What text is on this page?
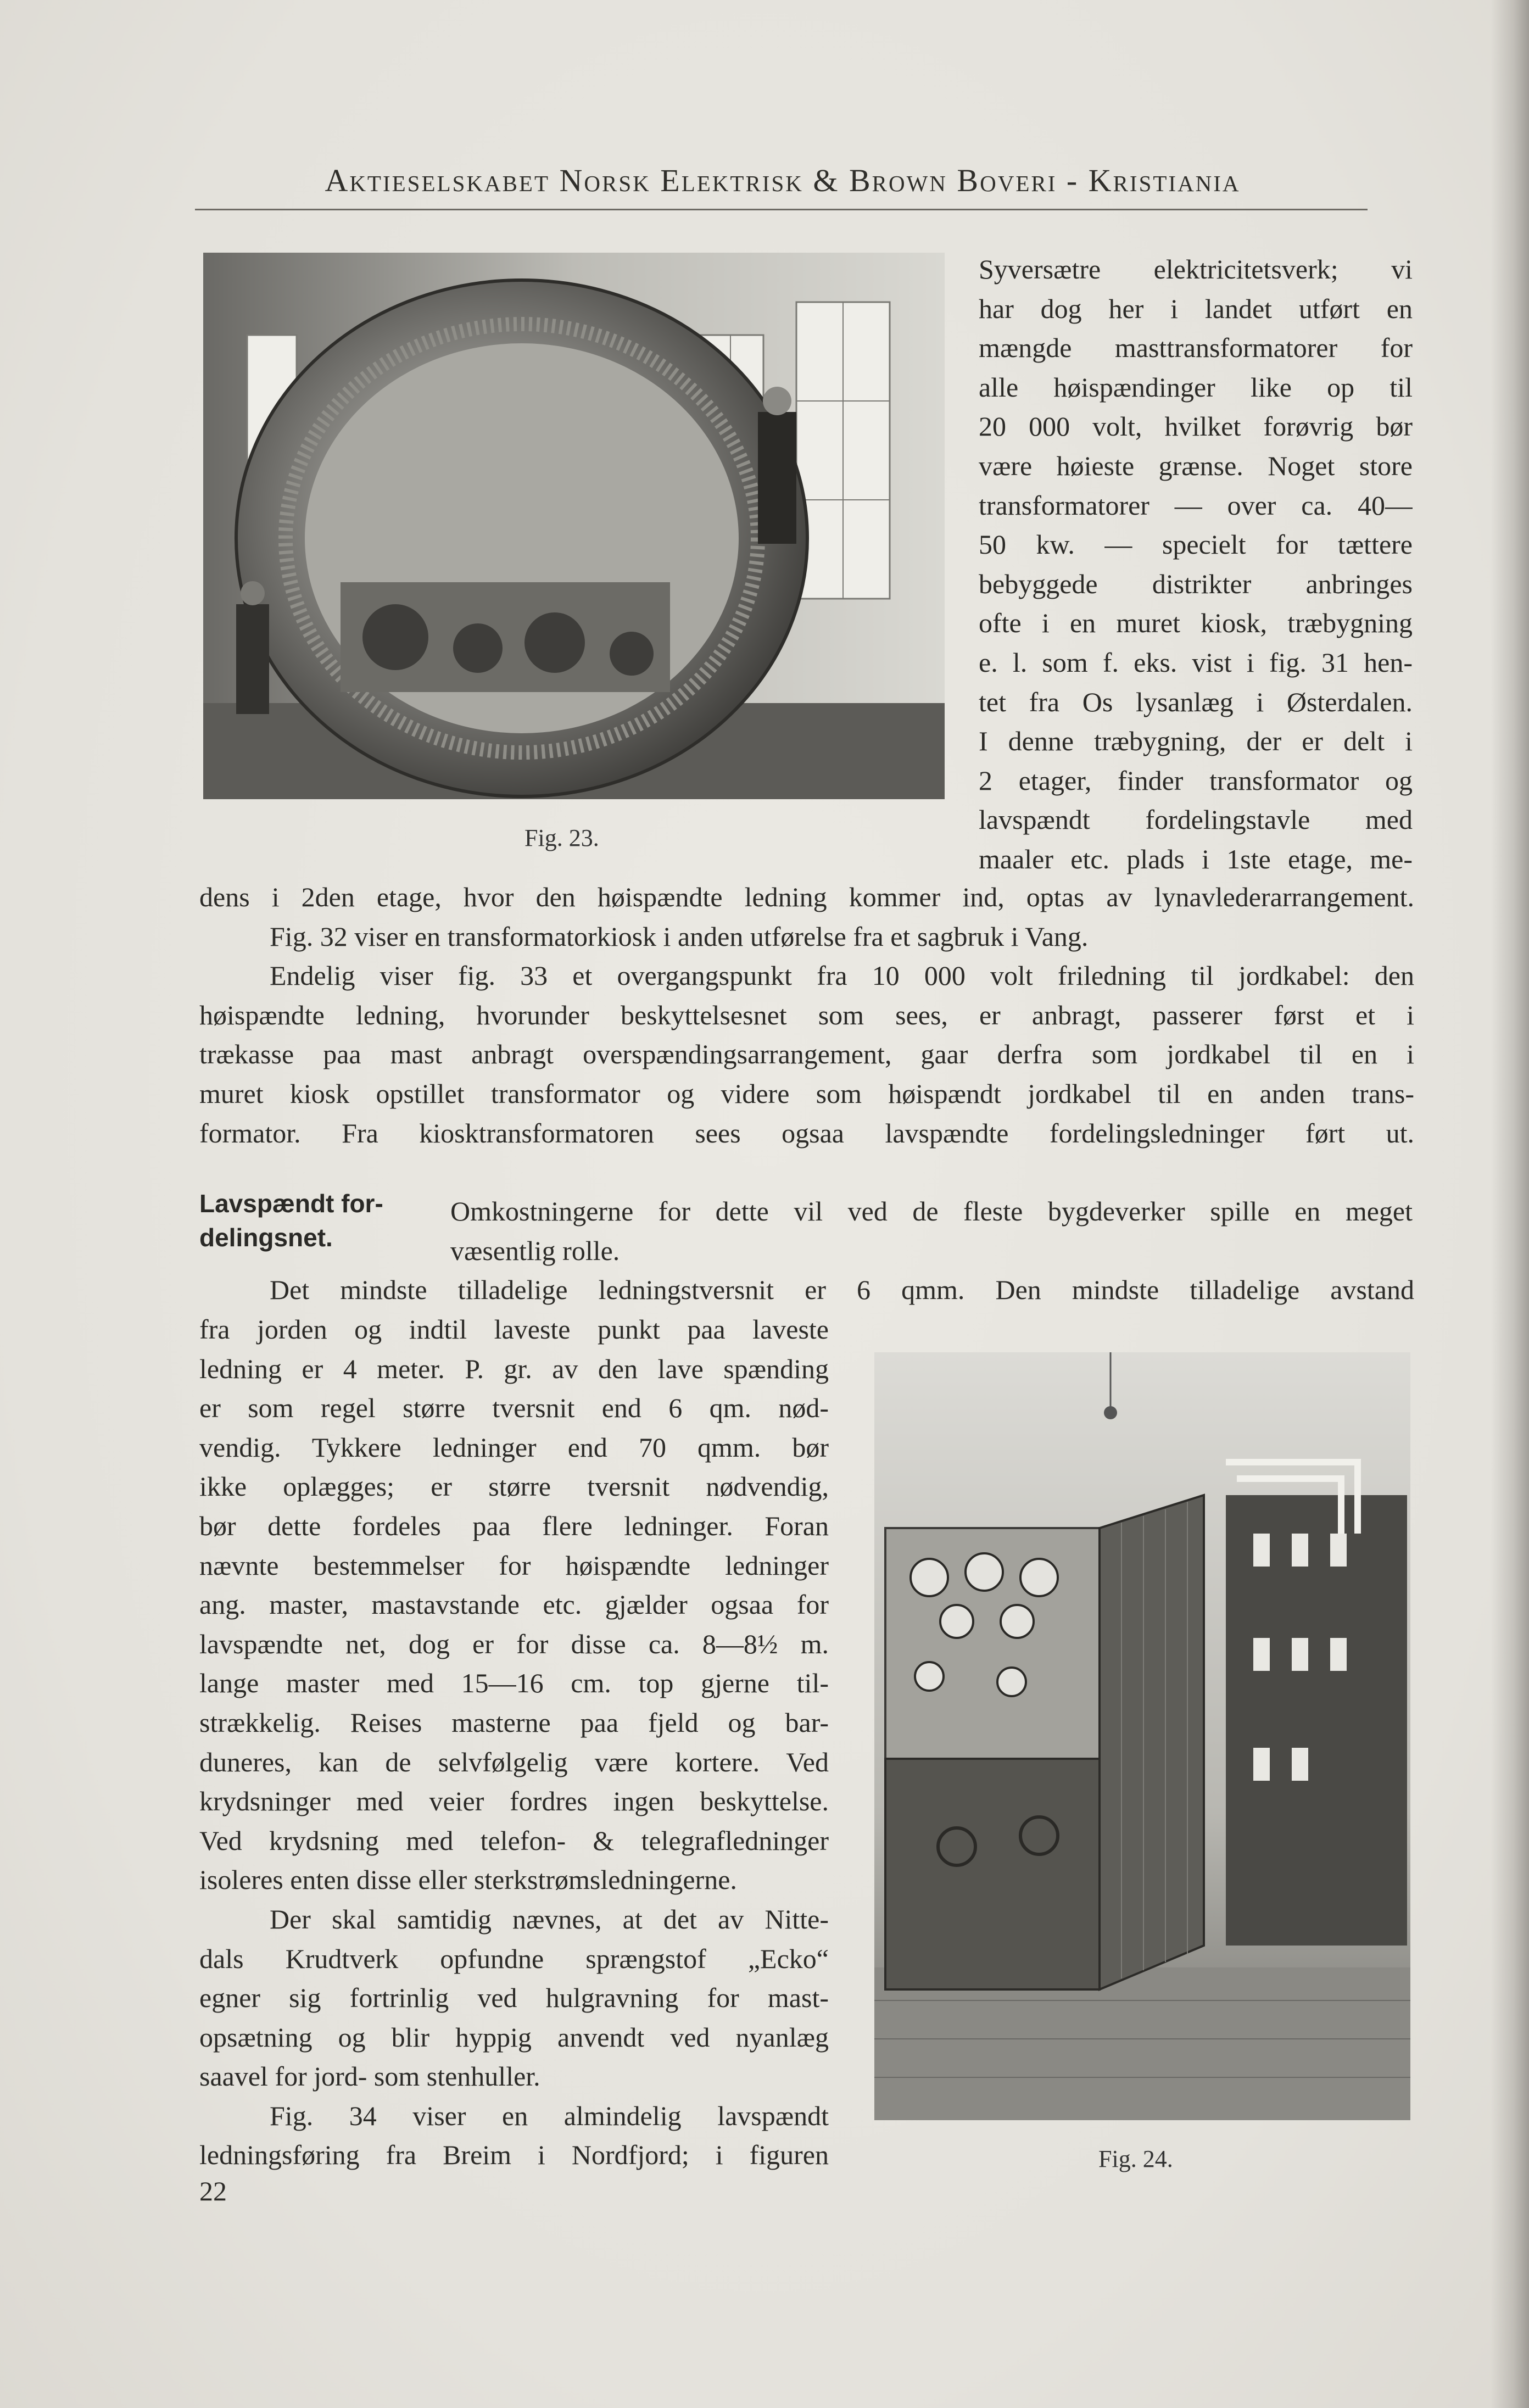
Aktieselskabet Norsk Elektrisk & Brown Boveri - Kristiania
Fig. 23.
Syversætre elektricitetsverk; vi
har dog her i landet utført en
mængde masttransformatorer for
alle høispændinger like op til
20 000 volt, hvilket forøvrig bør
være høieste grænse. Noget store
transformatorer — over ca. 40—
50 kw. — specielt for tættere
bebyggede distrikter anbringes
ofte i en muret kiosk, træbygning
e. l. som f. eks. vist i fig. 31 hen-
tet fra Os lysanlæg i Østerdalen.
I denne træbygning, der er delt i
2 etager, finder transformator og
lavspændt fordelingstavle med
maaler etc. plads i 1ste etage, me-
dens i 2den etage, hvor den høispændte ledning kommer ind, optas av lynavlederarrangement.
Fig. 32 viser en transformatorkiosk i anden utførelse fra et sagbruk i Vang.
Endelig viser fig. 33 et overgangspunkt fra 10 000 volt friledning til jordkabel: den
høispændte ledning, hvorunder beskyttelsesnet som sees, er anbragt, passerer først et i
trækasse paa mast anbragt overspændingsarrangement, gaar derfra som jordkabel til en i
muret kiosk opstillet transformator og videre som høispændt jordkabel til en anden trans-
formator. Fra kiosktransformatoren sees ogsaa lavspændte fordelingsledninger ført ut.
Lavspændt for-
delingsnet.
Omkostningerne for dette vil ved de fleste bygdeverker spille en meget
væsentlig rolle.
Det mindste tilladelige ledningstversnit er 6 qmm. Den mindste tilladelige avstand
fra jorden og indtil laveste punkt paa laveste
ledning er 4 meter. P. gr. av den lave spænding
er som regel større tversnit end 6 qm. nød-
vendig. Tykkere ledninger end 70 qmm. bør
ikke oplægges; er større tversnit nødvendig,
bør dette fordeles paa flere ledninger. Foran
nævnte bestemmelser for høispændte ledninger
ang. master, mastavstande etc. gjælder ogsaa for
lavspændte net, dog er for disse ca. 8—8½ m.
lange master med 15—16 cm. top gjerne til-
strækkelig. Reises masterne paa fjeld og bar-
duneres, kan de selvfølgelig være kortere. Ved
krydsninger med veier fordres ingen beskyttelse.
Ved krydsning med telefon- & telegrafledninger
isoleres enten disse eller sterkstrømsledningerne.
Der skal samtidig nævnes, at det av Nitte-
dals Krudtverk opfundne sprængstof „Ecko“
egner sig fortrinlig ved hulgravning for mast-
opsætning og blir hyppig anvendt ved nyanlæg
saavel for jord- som stenhuller.
Fig. 34 viser en almindelig lavspændt
ledningsføring fra Breim i Nordfjord; i figuren	Fig. 24.
22
